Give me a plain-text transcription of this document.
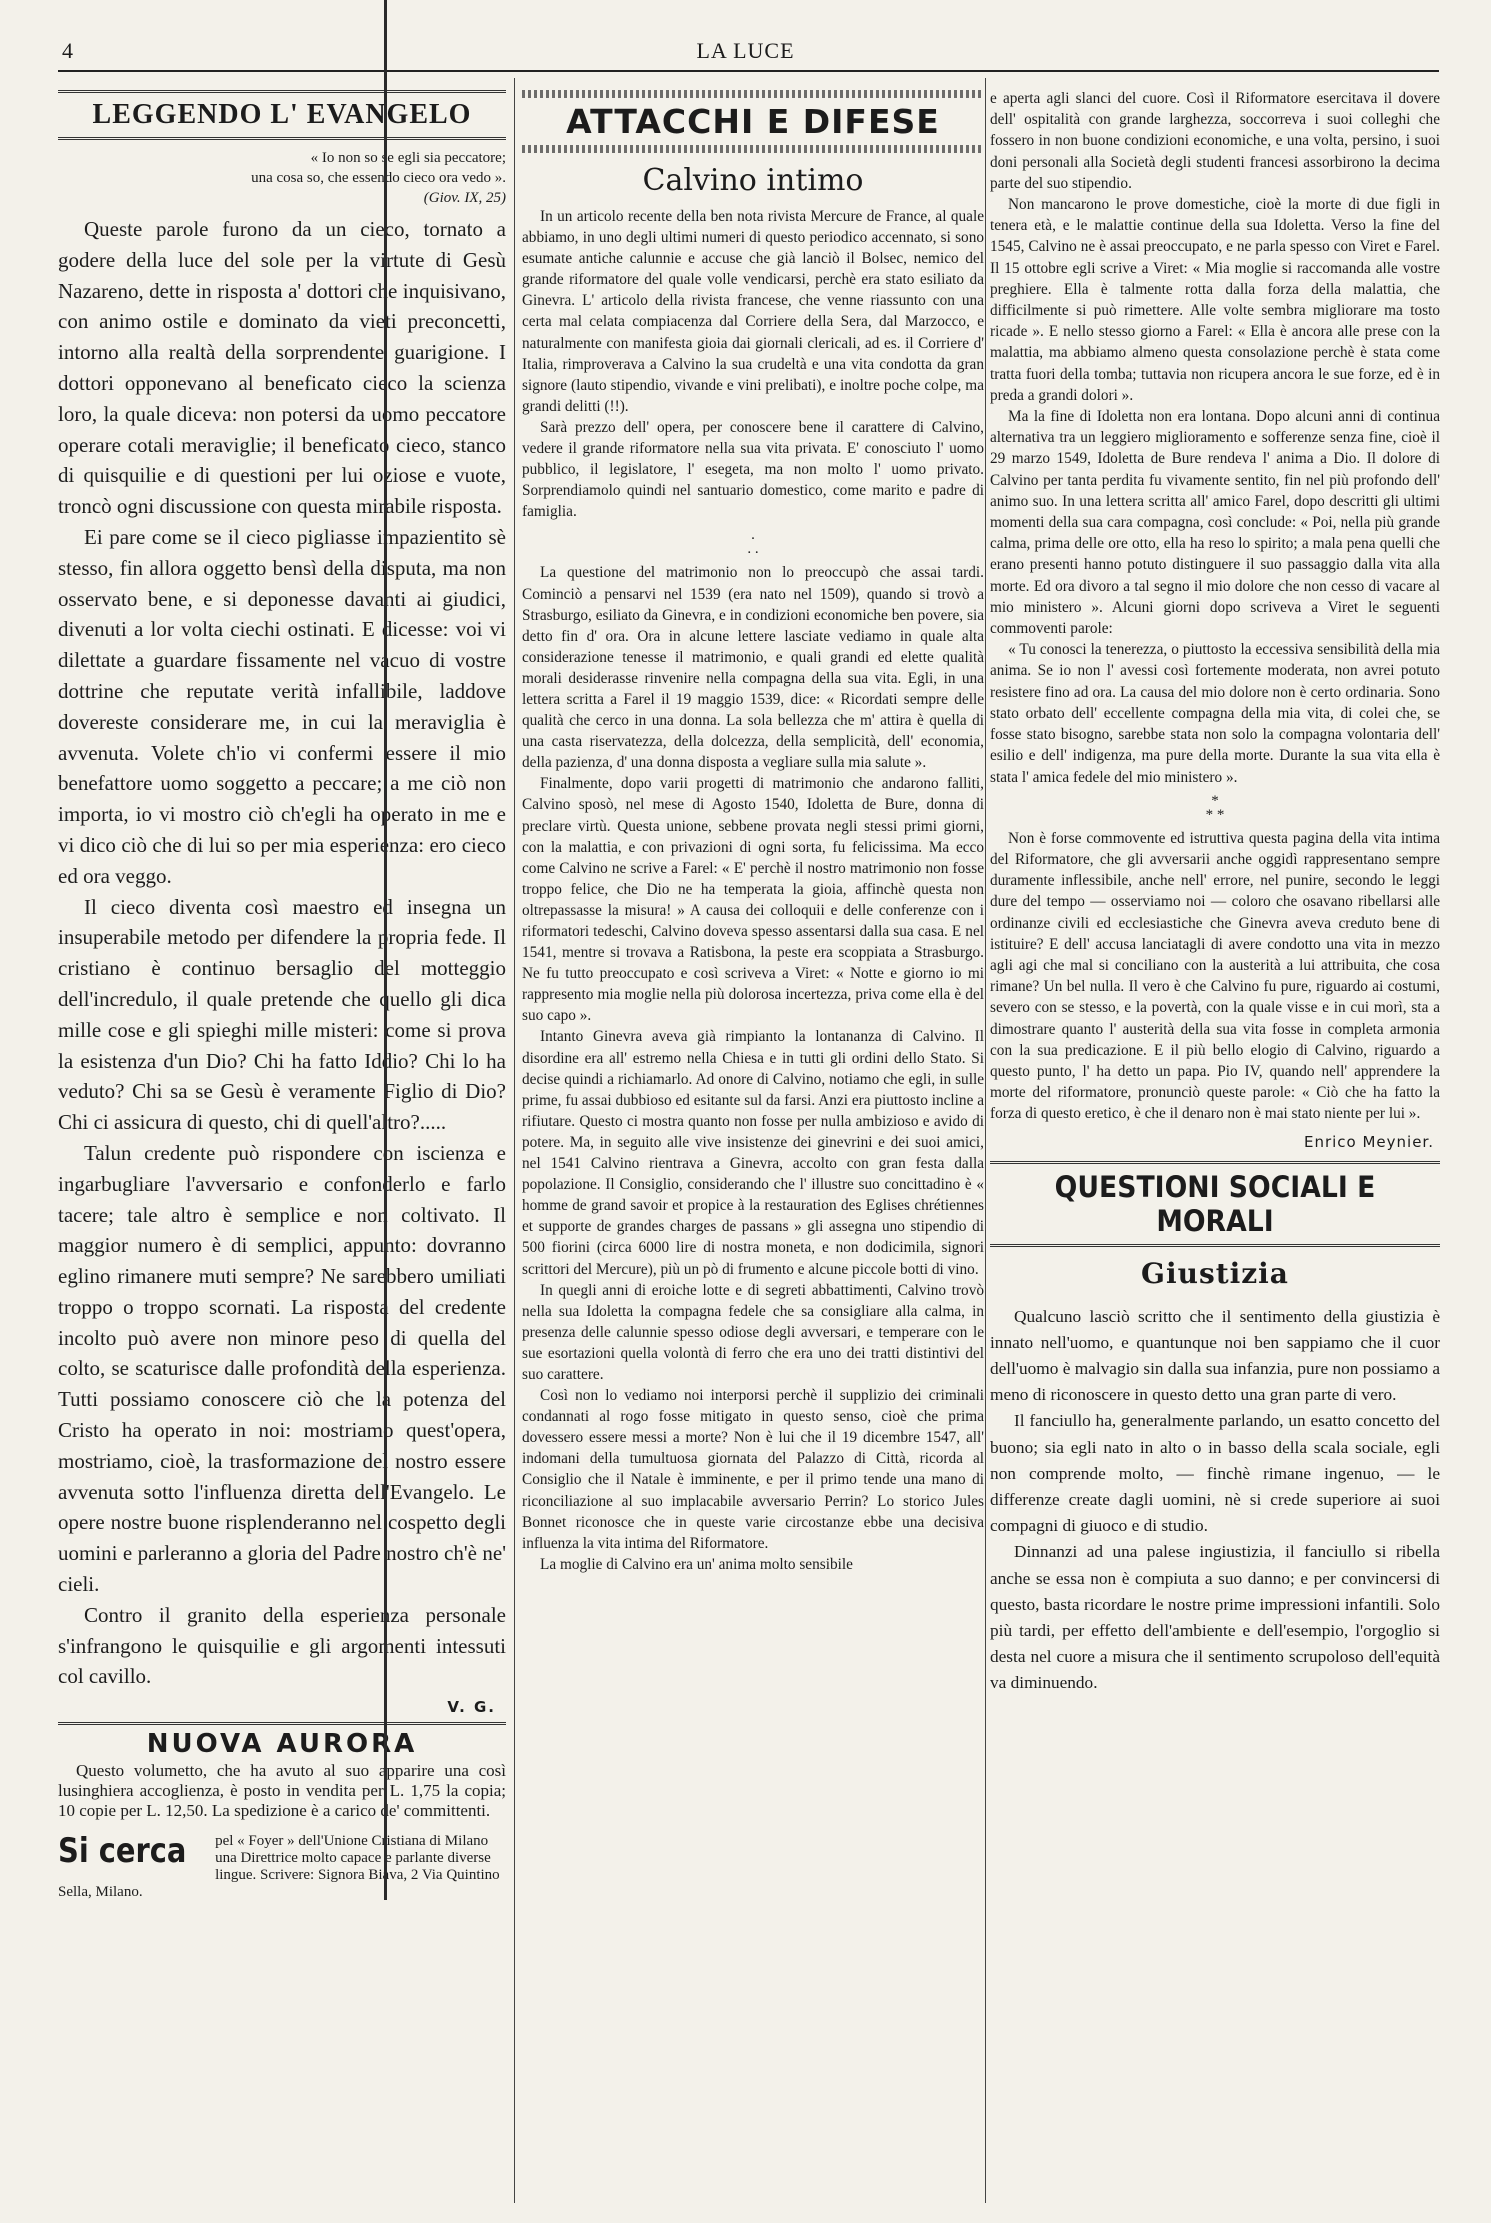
4	LA LUCE
LEGGENDO L' EVANGELO
« Io non so se egli sia peccatore;
una cosa so, che essendo cieco ora vedo ».
(Giov. IX, 25)

Queste parole furono da un cieco, tornato a godere della luce del sole per la virtute di Gesù Nazareno, dette in risposta a' dottori che inquisivano, con animo ostile e dominato da vieti preconcetti, intorno alla realtà della sorprendente guarigione. I dottori opponevano al beneficato cieco la scienza loro, la quale diceva: non potersi da uomo peccatore operare cotali meraviglie; il beneficato cieco, stanco di quisquilie e di questioni per lui oziose e vuote, troncò ogni discussione con questa mirabile risposta.

Ei pare come se il cieco pigliasse impazientito sè stesso, fin allora oggetto bensì della disputa, ma non osservato bene, e si deponesse davanti ai giudici, divenuti a lor volta ciechi ostinati. E dicesse: voi vi dilettate a guardare fissamente nel vacuo di vostre dottrine che reputate verità infallibile, laddove dovereste considerare me, in cui la meraviglia è avvenuta. Volete ch'io vi confermi essere il mio benefattore uomo soggetto a peccare; a me ciò non importa, io vi mostro ciò ch'egli ha operato in me e vi dico ciò che di lui so per mia esperienza: ero cieco ed ora veggo.

Il cieco diventa così maestro ed insegna un insuperabile metodo per difendere la propria fede. Il cristiano è continuo bersaglio del motteggio dell'incredulo, il quale pretende che quello gli dica mille cose e gli spieghi mille misteri: come si prova la esistenza d'un Dio? Chi ha fatto Iddio? Chi lo ha veduto? Chi sa se Gesù è veramente Figlio di Dio? Chi ci assicura di questo, chi di quell'altro?.....

Talun credente può rispondere con iscienza e ingarbugliare l'avversario e confonderlo e farlo tacere; tale altro è semplice e non coltivato. Il maggior numero è di semplici, appunto: dovranno eglino rimanere muti sempre? Ne sarebbero umiliati troppo o troppo scornati. La risposta del credente incolto può avere non minore peso di quella del colto, se scaturisce dalle profondità della esperienza. Tutti possiamo conoscere ciò che la potenza del Cristo ha operato in noi: mostriamo quest'opera, mostriamo, cioè, la trasformazione del nostro essere avvenuta sotto l'influenza diretta dell'Evangelo. Le opere nostre buone risplenderanno nel cospetto degli uomini e parleranno a gloria del Padre nostro ch'è ne' cieli.

Contro il granito della esperienza personale s'infrangono le quisquilie e gli argomenti intessuti col cavillo.

V. G.
NUOVA AURORA

Questo volumetto, che ha avuto al suo apparire una così lusinghiera accoglienza, è posto in vendita per L. 1,75 la copia; 10 copie per L. 12,50. La spedizione è a carico de' committenti.

Si cerca pel « Foyer » dell'Unione Cristiana di Milano una Direttrice molto capace e parlante diverse lingue. Scrivere: Signora Biava, 2 Via Quintino Sella, Milano.
ATTACCHI E DIFESE
Calvino intimo

In un articolo recente della ben nota rivista Mercure de France, al quale abbiamo, in uno degli ultimi numeri di questo periodico accennato, si sono esumate antiche calunnie e accuse che già lanciò il Bolsec, nemico del grande riformatore del quale volle vendicarsi, perchè era stato esiliato da Ginevra. L' articolo della rivista francese, che venne riassunto con una certa mal celata compiacenza dal Corriere della Sera, dal Marzocco, e naturalmente con manifesta gioia dai giornali clericali, ad es. il Corriere d' Italia, rimproverava a Calvino la sua crudeltà e una vita condotta da gran signore (lauto stipendio, vivande e vini prelibati), e inoltre poche colpe, ma grandi delitti (!!).

Sarà prezzo dell' opera, per conoscere bene il carattere di Calvino, vedere il grande riformatore nella sua vita privata. E' conosciuto l' uomo pubblico, il legislatore, l' esegeta, ma non molto l' uomo privato. Sorprendiamolo quindi nel santuario domestico, come marito e padre di famiglia.

.
. .

La questione del matrimonio non lo preoccupò che assai tardi. Cominciò a pensarvi nel 1539 (era nato nel 1509), quando si trovò a Strasburgo, esiliato da Ginevra, e in condizioni economiche ben povere, sia detto fin d' ora. Ora in alcune lettere lasciate vediamo in quale alta considerazione tenesse il matrimonio, e quali grandi ed elette qualità morali desiderasse rinvenire nella compagna della sua vita. Egli, in una lettera scritta a Farel il 19 maggio 1539, dice: « Ricordati sempre delle qualità che cerco in una donna. La sola bellezza che m' attira è quella di una casta riservatezza, della dolcezza, della semplicità, dell' economia, della pazienza, d' una donna disposta a vegliare sulla mia salute ».

Finalmente, dopo varii progetti di matrimonio che andarono falliti, Calvino sposò, nel mese di Agosto 1540, Idoletta de Bure, donna di preclare virtù. Questa unione, sebbene provata negli stessi primi giorni, con la malattia, e con privazioni di ogni sorta, fu felicissima. Ma ecco come Calvino ne scrive a Farel: « E' perchè il nostro matrimonio non fosse troppo felice, che Dio ne ha temperata la gioia, affinchè questa non oltrepassasse la misura! » A causa dei colloquii e delle conferenze con i riformatori tedeschi, Calvino doveva spesso assentarsi dalla sua casa. E nel 1541, mentre si trovava a Ratisbona, la peste era scoppiata a Strasburgo. Ne fu tutto preoccupato e così scriveva a Viret: « Notte e giorno io mi rappresento mia moglie nella più dolorosa incertezza, priva come ella è del suo capo ».

Intanto Ginevra aveva già rimpianto la lontananza di Calvino. Il disordine era all' estremo nella Chiesa e in tutti gli ordini dello Stato. Si decise quindi a richiamarlo. Ad onore di Calvino, notiamo che egli, in sulle prime, fu assai dubbioso ed esitante sul da farsi. Anzi era piuttosto incline a rifiutare. Questo ci mostra quanto non fosse per nulla ambizioso e avido di potere. Ma, in seguito alle vive insistenze dei ginevrini e dei suoi amici, nel 1541 Calvino rientrava a Ginevra, accolto con gran festa dalla popolazione. Il Consiglio, considerando che l' illustre suo concittadino è « homme de grand savoir et propice à la restauration des Eglises chrétiennes et supporte de grandes charges de passans » gli assegna uno stipendio di 500 fiorini (circa 6000 lire di nostra moneta, e non dodicimila, signori scrittori del Mercure), più un pò di frumento e alcune piccole botti di vino.

In quegli anni di eroiche lotte e di segreti abbattimenti, Calvino trovò nella sua Idoletta la compagna fedele che sa consigliare alla calma, in presenza delle calunnie spesso odiose degli avversari, e temperare con le sue esortazioni quella volontà di ferro che era uno dei tratti distintivi del suo carattere.

Così non lo vediamo noi interporsi perchè il supplizio dei criminali condannati al rogo fosse mitigato in questo senso, cioè che prima dovessero essere messi a morte? Non è lui che il 19 dicembre 1547, all' indomani della tumultuosa giornata del Palazzo di Città, ricorda al Consiglio che il Natale è imminente, e per il primo tende una mano di riconciliazione al suo implacabile avversario Perrin? Lo storico Jules Bonnet riconosce che in queste varie circostanze ebbe una decisiva influenza la vita intima del Riformatore.

La moglie di Calvino era un' anima molto sensibile

e aperta agli slanci del cuore. Così il Riformatore esercitava il dovere dell' ospitalità con grande larghezza, soccorreva i suoi colleghi che fossero in non buone condizioni economiche, e una volta, persino, i suoi doni personali alla Società degli studenti francesi assorbirono la decima parte del suo stipendio.

Non mancarono le prove domestiche, cioè la morte di due figli in tenera età, e le malattie continue della sua Idoletta. Verso la fine del 1545, Calvino ne è assai preoccupato, e ne parla spesso con Viret e Farel. Il 15 ottobre egli scrive a Viret: « Mia moglie si raccomanda alle vostre preghiere. Ella è talmente rotta dalla forza della malattia, che difficilmente si può rimettere. Alle volte sembra migliorare ma tosto ricade ». E nello stesso giorno a Farel: « Ella è ancora alle prese con la malattia, ma abbiamo almeno questa consolazione perchè è stata come tratta fuori della tomba; tuttavia non ricupera ancora le sue forze, ed è in preda a grandi dolori ».

Ma la fine di Idoletta non era lontana. Dopo alcuni anni di continua alternativa tra un leggiero miglioramento e sofferenze senza fine, cioè il 29 marzo 1549, Idoletta de Bure rendeva l' anima a Dio. Il dolore di Calvino per tanta perdita fu vivamente sentito, fin nel più profondo dell' animo suo. In una lettera scritta all' amico Farel, dopo descritti gli ultimi momenti della sua cara compagna, così conclude: « Poi, nella più grande calma, prima delle ore otto, ella ha reso lo spirito; a mala pena quelli che erano presenti hanno potuto distinguere il suo passaggio dalla vita alla morte. Ed ora divoro a tal segno il mio dolore che non cesso di vacare al mio ministero ». Alcuni giorni dopo scriveva a Viret le seguenti commoventi parole:

« Tu conosci la tenerezza, o piuttosto la eccessiva sensibilità della mia anima. Se io non l' avessi così fortemente moderata, non avrei potuto resistere fino ad ora. La causa del mio dolore non è certo ordinaria. Sono stato orbato dell' eccellente compagna della mia vita, di colei che, se fosse stato bisogno, sarebbe stata non solo la compagna volontaria dell' esilio e dell' indigenza, ma pure della morte. Durante la sua vita ella è stata l' amica fedele del mio ministero ».

*
* *

Non è forse commovente ed istruttiva questa pagina della vita intima del Riformatore, che gli avversarii anche oggidì rappresentano sempre duramente inflessibile, anche nell' errore, nel punire, secondo le leggi dure del tempo — osserviamo noi — coloro che osavano ribellarsi alle ordinanze civili ed ecclesiastiche che Ginevra aveva creduto bene di istituire? E dell' accusa lanciatagli di avere condotto una vita in mezzo agli agi che mal si conciliano con la austerità a lui attribuita, che cosa rimane? Un bel nulla. Il vero è che Calvino fu pure, riguardo ai costumi, severo con se stesso, e la povertà, con la quale visse e in cui morì, sta a dimostrare quanto l' austerità della sua vita fosse in completa armonia con la sua predicazione. E il più bello elogio di Calvino, riguardo a questo punto, l' ha detto un papa. Pio IV, quando nell' apprendere la morte del riformatore, pronunciò queste parole: « Ciò che ha fatto la forza di questo eretico, è che il denaro non è mai stato niente per lui ».

Enrico Meynier.
QUESTIONI SOCIALI E MORALI
Giustizia

Qualcuno lasciò scritto che il sentimento della giustizia è innato nell'uomo, e quantunque noi ben sappiamo che il cuor dell'uomo è malvagio sin dalla sua infanzia, pure non possiamo a meno di riconoscere in questo detto una gran parte di vero.

Il fanciullo ha, generalmente parlando, un esatto concetto del buono; sia egli nato in alto o in basso della scala sociale, egli non comprende molto, — finchè rimane ingenuo, — le differenze create dagli uomini, nè si crede superiore ai suoi compagni di giuoco e di studio.

Dinnanzi ad una palese ingiustizia, il fanciullo si ribella anche se essa non è compiuta a suo danno; e per convincersi di questo, basta ricordare le nostre prime impressioni infantili. Solo più tardi, per effetto dell'ambiente e dell'esempio, l'orgoglio si desta nel cuore a misura che il sentimento scrupoloso dell'equità va diminuendo.
